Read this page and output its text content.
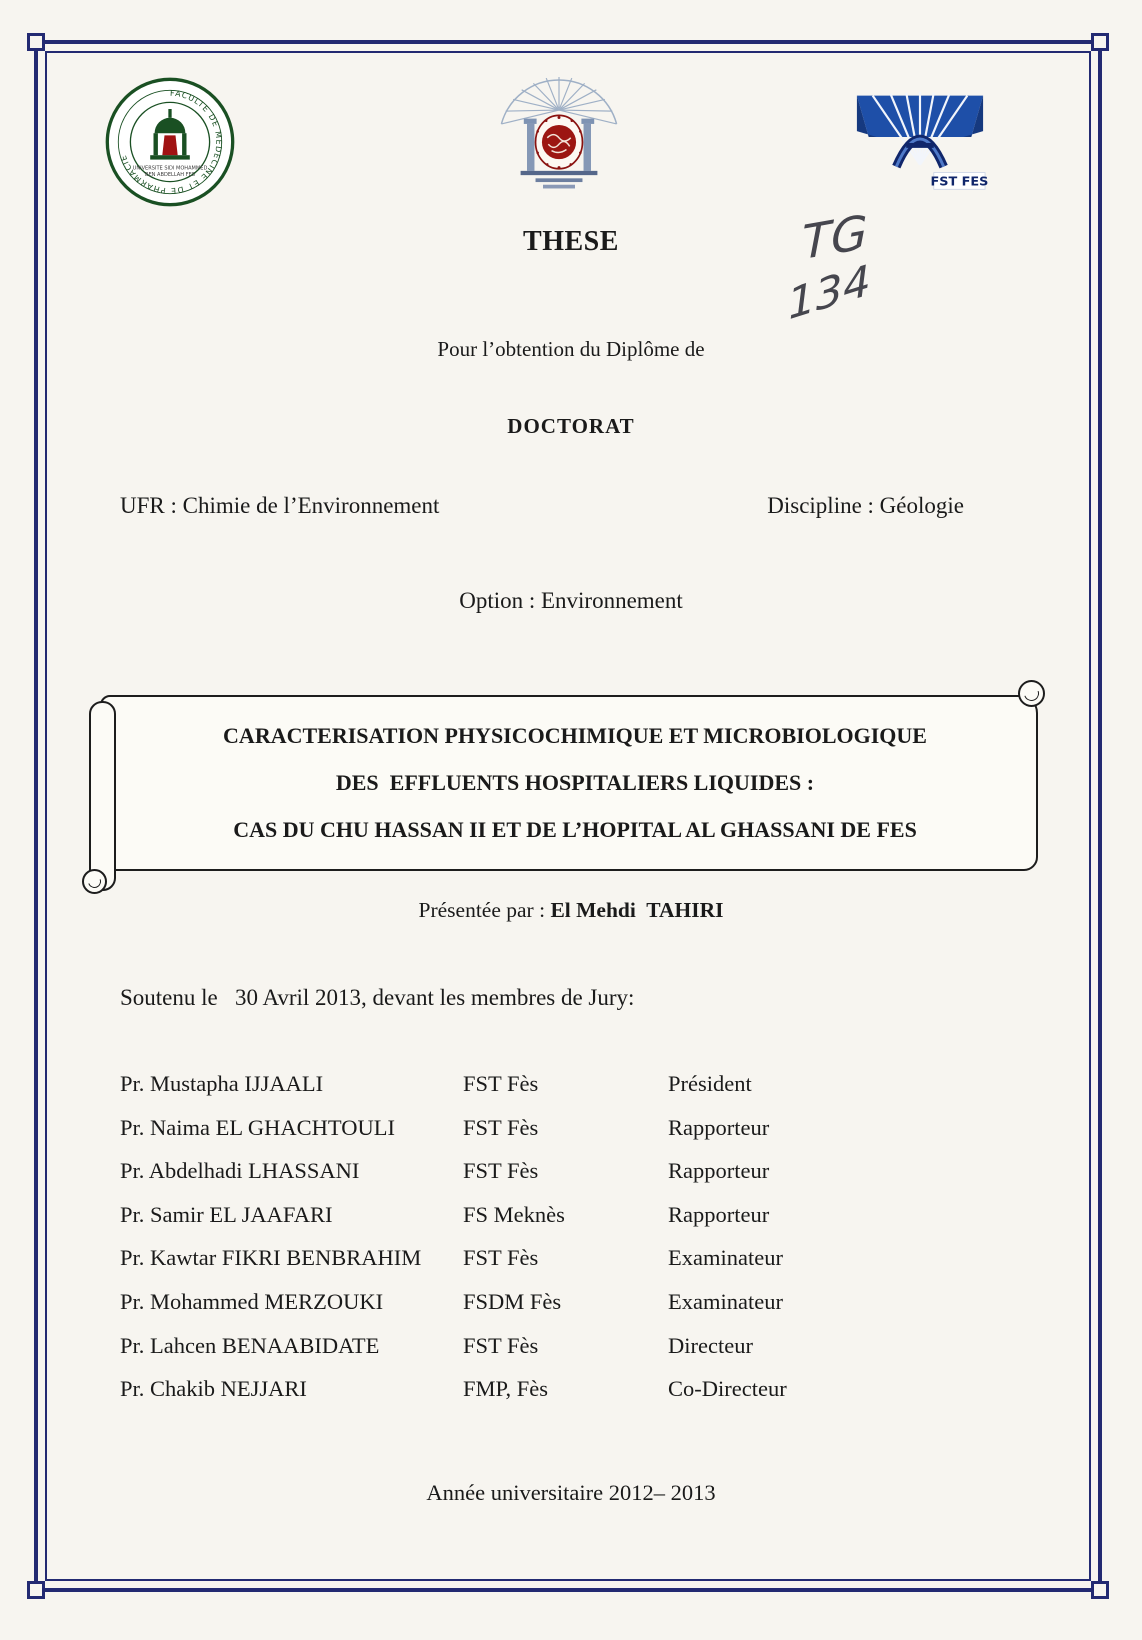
FACULTE DE MEDECINE ET DE PHARMACIE
UNIVERSITE SIDI MOHAMMED
BEN ABDELLAH FES	FST FES
THESE	TG
134
Pour l’obtention du Diplôme de
DOCTORAT
UFR : Chimie de l’Environnement	Discipline : Géologie
Option : Environnement
CARACTERISATION PHYSICOCHIMIQUE ET MICROBIOLOGIQUE
DES  EFFLUENTS HOSPITALIERS LIQUIDES :
CAS DU CHU HASSAN II ET DE L’HOPITAL AL GHASSANI DE FES
Présentée par : El Mehdi  TAHIRI
Soutenu le   30 Avril 2013, devant les membres de Jury:
Pr. Mustapha IJJAALI	FST Fès	Président
Pr. Naima EL GHACHTOULI	FST Fès	Rapporteur
Pr. Abdelhadi LHASSANI	FST Fès	Rapporteur
Pr. Samir EL JAAFARI	FS Meknès	Rapporteur
Pr. Kawtar FIKRI BENBRAHIM	FST Fès	Examinateur
Pr. Mohammed MERZOUKI	FSDM Fès	Examinateur
Pr. Lahcen BENAABIDATE	FST Fès	Directeur
Pr. Chakib NEJJARI	FMP, Fès	Co-Directeur
Année universitaire 2012– 2013
